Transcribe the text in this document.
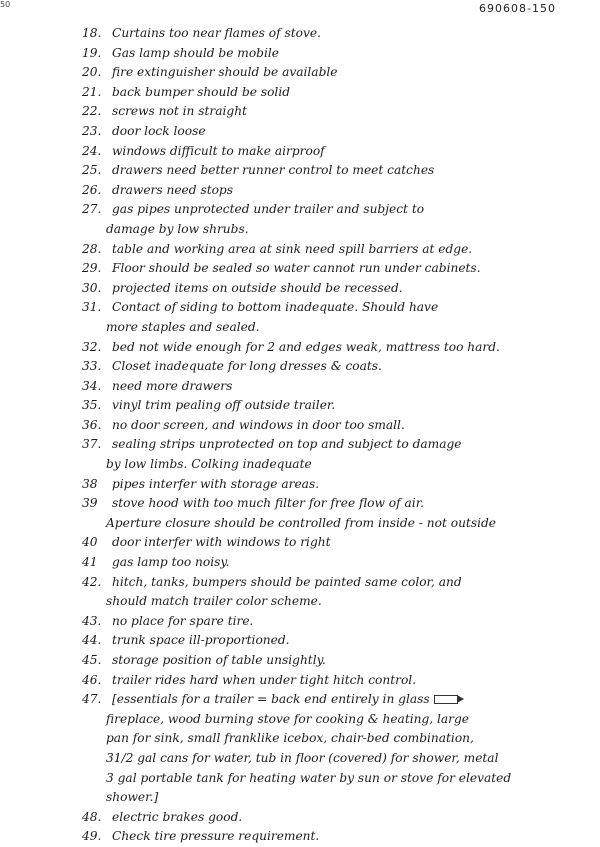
50	690608-150
18. Curtains too near flames of stove.
19. Gas lamp should be mobile
20. fire extinguisher should be available
21. back bumper should be solid
22. screws not in straight
23. door lock loose
24. windows difficult to make airproof
25. drawers need better runner control to meet catches
26. drawers need stops
27. gas pipes unprotected under trailer and subject to
damage by low shrubs.
28. table and working area at sink need spill barriers at edge.
29. Floor should be sealed so water cannot run under cabinets.
30. projected items on outside should be recessed.
31. Contact of siding to bottom inadequate. Should have
more staples and sealed.
32. bed not wide enough for 2 and edges weak, mattress too hard.
33. Closet inadequate for long dresses & coats.
34. need more drawers
35. vinyl trim pealing off outside trailer.
36. no door screen, and windows in door too small.
37. sealing strips unprotected on top and subject to damage
by low limbs. Colking inadequate
38 pipes interfer with storage areas.
39 stove hood with too much filter for free flow of air.
Aperture closure should be controlled from inside - not outside
40 door interfer with windows to right
41 gas lamp too noisy.
42. hitch, tanks, bumpers should be painted same color, and
should match trailer color scheme.
43. no place for spare tire.
44. trunk space ill-proportioned.
45. storage position of table unsightly.
46. trailer rides hard when under tight hitch control.
47. [essentials for a trailer = back end entirely in glass
fireplace, wood burning stove for cooking & heating, large
pan for sink, small franklike icebox, chair-bed combination,
31/2 gal cans for water, tub in floor (covered) for shower, metal
3 gal portable tank for heating water by sun or stove for elevated
shower.]
48. electric brakes good.
49. Check tire pressure requirement.
